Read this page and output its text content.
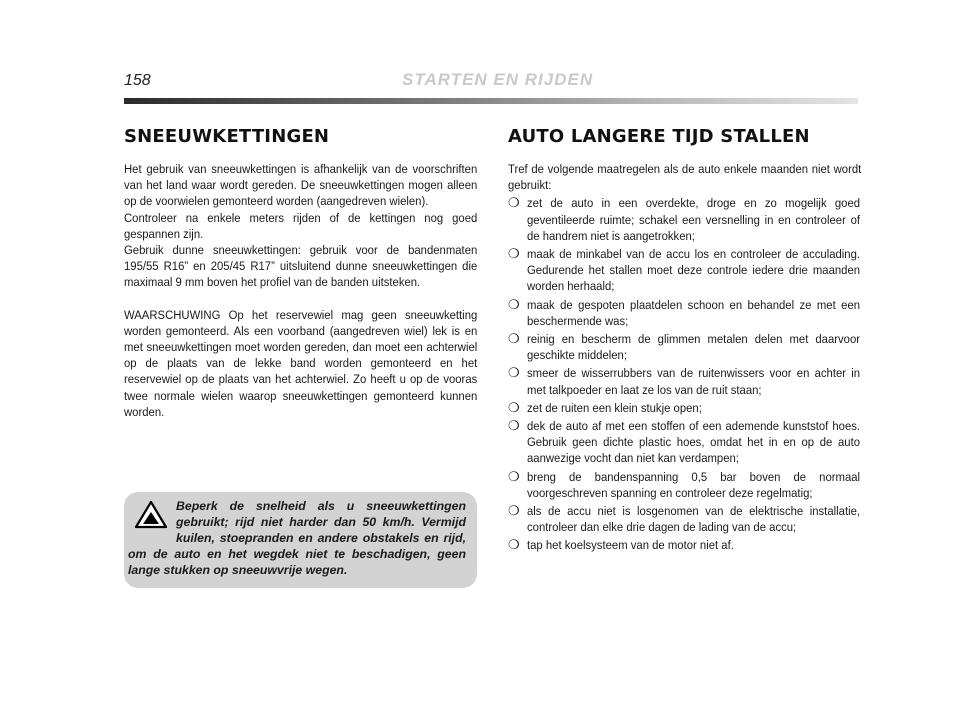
158	STARTEN EN RIJDEN
SNEEUWKETTINGEN

Het gebruik van sneeuwkettingen is afhankelijk van de voorschriften van het land waar wordt gereden. De sneeuwkettingen mogen alleen op de voorwielen gemonteerd worden (aangedreven wielen).

Controleer na enkele meters rijden of de kettingen nog goed gespannen zijn.

Gebruik dunne sneeuwkettingen: gebruik voor de bandenmaten 195/55 R16” en 205/45 R17” uitsluitend dunne sneeuwkettingen die maximaal 9 mm boven het profiel van de banden uitsteken.

WAARSCHUWING Op het reservewiel mag geen sneeuwketting worden gemonteerd. Als een voorband (aangedreven wiel) lek is en met sneeuwkettingen moet worden gereden, dan moet een achterwiel op de plaats van de lekke band worden gemonteerd en het reservewiel op de plaats van het achterwiel. Zo heeft u op de vooras twee normale wielen waarop sneeuwkettingen gemonteerd kunnen worden.

Beperk de snelheid als u sneeuwkettingen gebruikt; rijd niet harder dan 50 km/h. Vermijd kuilen, stoepranden en andere obstakels en rijd, om de auto en het wegdek niet te beschadigen, geen lange stukken op sneeuwvrije wegen.
AUTO LANGERE TIJD STALLEN

Tref de volgende maatregelen als de auto enkele maanden niet wordt gebruikt:

❍ zet de auto in een overdekte, droge en zo mogelijk goed geventileerde ruimte; schakel een versnelling in en controleer of de handrem niet is aangetrokken;

❍ maak de minkabel van de accu los en controleer de acculading. Gedurende het stallen moet deze controle iedere drie maanden worden herhaald;

❍ maak de gespoten plaatdelen schoon en behandel ze met een beschermende was;

❍ reinig en bescherm de glimmen metalen delen met daarvoor geschikte middelen;

❍ smeer de wisserrubbers van de ruitenwissers voor en achter in met talkpoeder en laat ze los van de ruit staan;

❍ zet de ruiten een klein stukje open;

❍ dek de auto af met een stoffen of een ademende kunststof hoes. Gebruik geen dichte plastic hoes, omdat het in en op de auto aanwezige vocht dan niet kan verdampen;

❍ breng de bandenspanning 0,5 bar boven de normaal voorgeschreven spanning en controleer deze regelmatig;

❍ als de accu niet is losgenomen van de elektrische installatie, controleer dan elke drie dagen de lading van de accu;

❍ tap het koelsysteem van de motor niet af.
